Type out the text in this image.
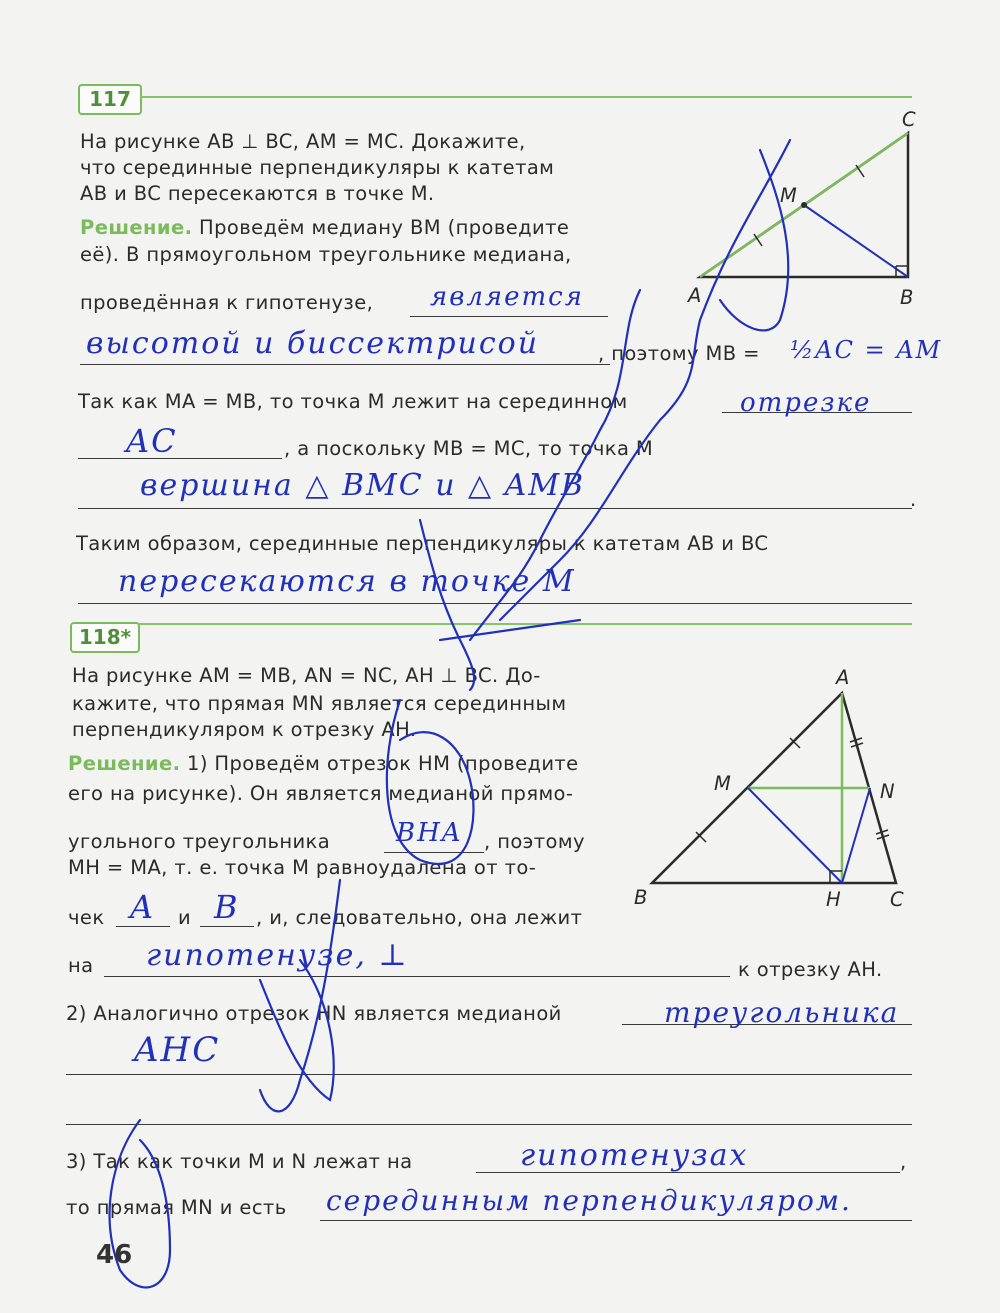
117
На рисунке AB ⊥ BC, AM = MC. Докажите,
что серединные перпендикуляры к катетам
AB и BC пересекаются в точке M.
Решение. Проведём медиану BM (проведите
её). В прямоугольном треугольнике медиана,
проведённая к гипотенузе, является
высотой и биссектрисой	, поэтому MB = ½AC = AM
Так как MA = MB, то точка M лежит на серединном	отрезке
AC	, а поскольку MB = MC, то точка M
вершина △ BMC и △ AMB	.
Таким образом, серединные перпендикуляры к катетам AB и BC
пересекаются в точке M
C
M
A	B
118*
На рисунке AM = MB, AN = NC, AH ⊥ BC. До-
кажите, что прямая MN является серединным
перпендикуляром к отрезку AH.
Решение. 1) Проведём отрезок HM (проведите
его на рисунке). Он является медианой прямо-
угольного треугольника	BHA , поэтому
MH = MA, т. е. точка M равноудалена от то-
чек A и B , и, следовательно, она лежит
на гипотенузе, ⊥	к отрезку AH.
2) Аналогично отрезок HN является медианой	треугольника
AHC
3) Так как точки M и N лежат на	гипотенузах	,
то прямая MN и есть серединным перпендикуляром.
A
M	N
B	H	C
46
